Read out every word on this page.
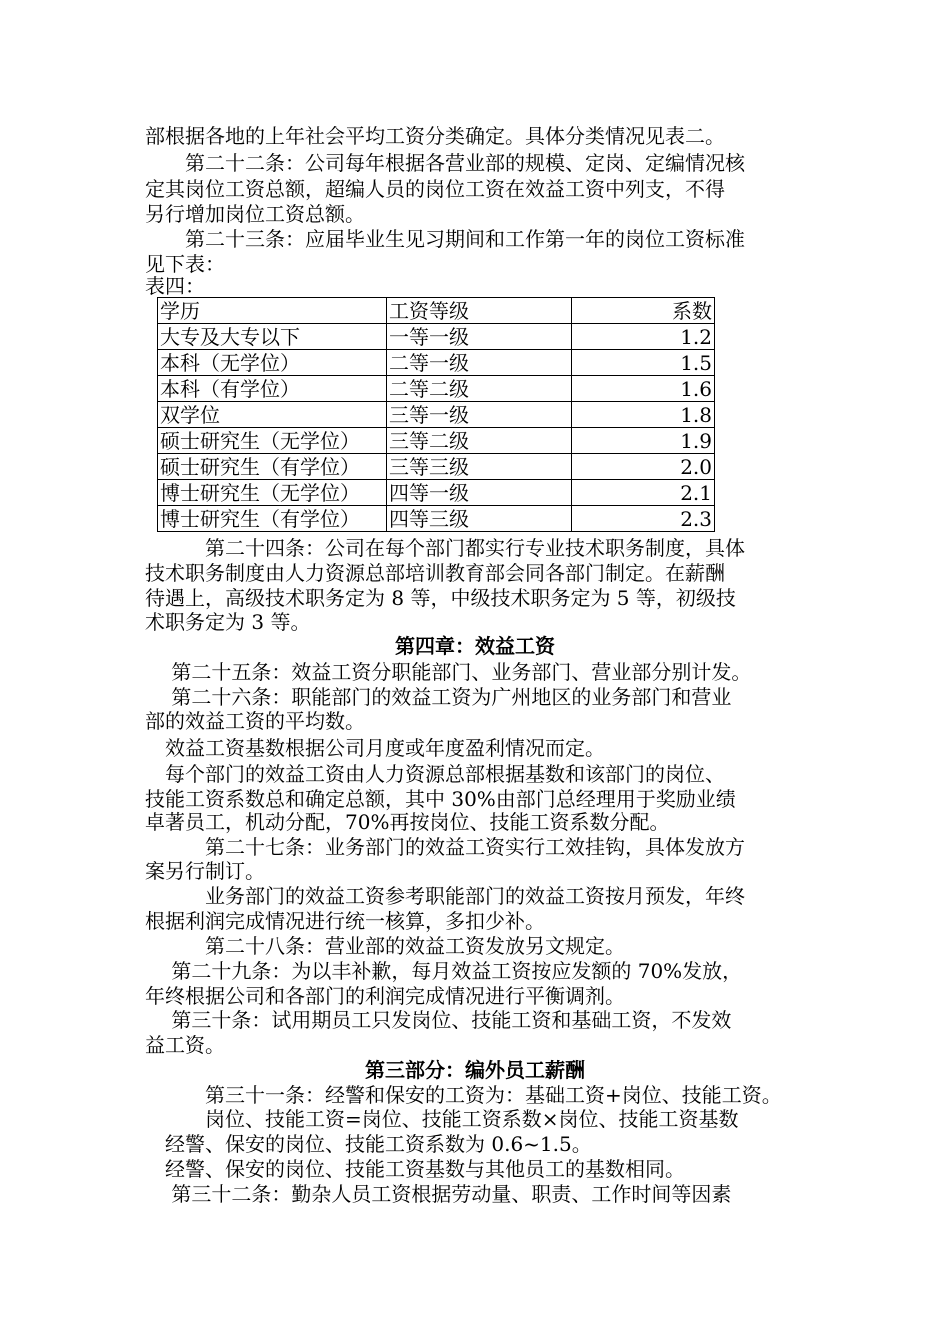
部根据各地的上年社会平均工资分类确定。具体分类情况见表二。
　　第二十二条：公司每年根据各营业部的规模、定岗、定编情况核
定其岗位工资总额，超编人员的岗位工资在效益工资中列支，不得
另行增加岗位工资总额。
　　第二十三条：应届毕业生见习期间和工作第一年的岗位工资标准
见下表：
表四：
学历	工资等级	系数
大专及大专以下	一等一级	1.2
本科（无学位）	二等一级	1.5
本科（有学位）	二等二级	1.6
双学位	三等一级	1.8
硕士研究生（无学位）	三等二级	1.9
硕士研究生（有学位）	三等三级	2.0
博士研究生（无学位）	四等一级	2.1
博士研究生（有学位）	四等三级	2.3
　　　第二十四条：公司在每个部门都实行专业技术职务制度，具体
技术职务制度由人力资源总部培训教育部会同各部门制定。在薪酬
待遇上，高级技术职务定为 8 等，中级技术职务定为 5 等，初级技
术职务定为 3 等。
第四章：效益工资
　 第二十五条：效益工资分职能部门、业务部门、营业部分别计发。
　 第二十六条：职能部门的效益工资为广州地区的业务部门和营业
部的效益工资的平均数。
　效益工资基数根据公司月度或年度盈利情况而定。
　每个部门的效益工资由人力资源总部根据基数和该部门的岗位、
技能工资系数总和确定总额，其中 30%由部门总经理用于奖励业绩
卓著员工，机动分配，70%再按岗位、技能工资系数分配。
　　　第二十七条：业务部门的效益工资实行工效挂钩，具体发放方
案另行制订。
　　　业务部门的效益工资参考职能部门的效益工资按月预发，年终
根据利润完成情况进行统一核算，多扣少补。
　　　第二十八条：营业部的效益工资发放另文规定。
　 第二十九条：为以丰补歉，每月效益工资按应发额的 70%发放，
年终根据公司和各部门的利润完成情况进行平衡调剂。
　 第三十条：试用期员工只发岗位、技能工资和基础工资，不发效
益工资。
第三部分：编外员工薪酬
　　　第三十一条：经警和保安的工资为：基础工资+岗位、技能工资。
　　　岗位、技能工资=岗位、技能工资系数×岗位、技能工资基数
　经警、保安的岗位、技能工资系数为 0.6~1.5。
　经警、保安的岗位、技能工资基数与其他员工的基数相同。
　 第三十二条：勤杂人员工资根据劳动量、职责、工作时间等因素
